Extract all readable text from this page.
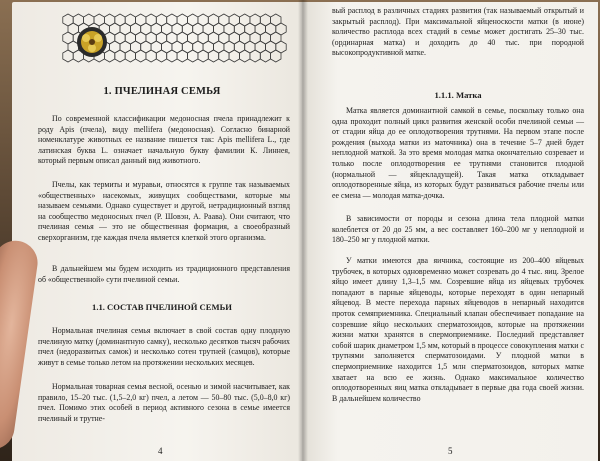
1. ПЧЕЛИНАЯ СЕМЬЯ

По современной классификации медоносная пчела принадлежит к роду Apis (пчела), виду mellifera (медоносная). Согласно бинарной номенклатуре животных ее название пишется так: Apis mellifera L., где латинская буква L. означает начальную букву фамилии К. Линнея, который первым описал данный вид животного.

Пчелы, как термиты и муравьи, относятся к группе так называемых «общественных» насекомых, живущих сообществами, которые мы называем семьями. Однако существует и другой, нетрадиционный взгляд на сообщество медоносных пчел (Р. Шовэн, А. Раава). Они считают, что пчелиная семья — это не общественная формация, а своеобразный сверхорганизм, где каждая пчела является клеткой этого организма.

В дальнейшем мы будем исходить из традиционного представления об «общественной» сути пчелиной семьи.

1.1. СОСТАВ ПЧЕЛИНОЙ СЕМЬИ

Нормальная пчелиная семья включает в свой состав одну плодную пчелиную матку (доминантную самку), несколько десятков тысяч рабочих пчел (недоразвитых самок) и несколько сотен трутней (самцов), которые живут в семье только летом на протяжении нескольких месяцев.

Нормальная товарная семья весной, осенью и зимой насчитывает, как правило, 15–20 тыс. (1,5–2,0 кг) пчел, а летом — 50–80 тыс. (5,0–8,0 кг) пчел. Помимо этих особей в период активного сезона в семье имеется пчелиный и трутне-

4

вый расплод в различных стадиях развития (так называемый открытый и закрытый расплод). При максимальной яйценоскости матки (в июне) количество расплода всех стадий в семье может достигать 25–30 тыс. (ординарная матка) и доходить до 40 тыс. при породной высокопродуктивной матке.

1.1.1. Матка

Матка является доминантной самкой в семье, поскольку только она одна проходит полный цикл развития женской особи пчелиной семьи — от стадии яйца до ее оплодотворения трутнями. На первом этапе после рождения (выхода матки из маточника) она в течение 5–7 дней будет неплодной маткой. За это время молодая матка окончательно созревает и только после оплодотворения ее трутнями становится плодной (нормальной — яйцекладущей). Такая матка откладывает оплодотворенные яйца, из которых будут развиваться рабочие пчелы или ее смена — молодая матка-дочка.

В зависимости от породы и сезона длина тела плодной матки колеблется от 20 до 25 мм, а вес составляет 160–200 мг у неплодной и 180–250 мг у плодной матки.

У матки имеются два яичника, состоящие из 200–400 яйцевых трубочек, в которых одновременно может созревать до 4 тыс. яиц. Зрелое яйцо имеет длину 1,3–1,5 мм. Созревшие яйца из яйцевых трубочек попадают в парные яйцеводы, которые переходят в один непарный яйцевод. В месте перехода парных яйцеводов в непарный находится проток семяприемника. Специальный клапан обеспечивает попадание на созревшие яйцо нескольких сперматозоидов, которые на протяжении жизни матки хранятся в спермоприемнике. Последний представляет собой шарик диаметром 1,5 мм, который в процессе совокупления матки с трутнями заполняется сперматозоидами. У плодной матки в спермоприемнике находится 1,5 млн сперматозоидов, которых матке хватает на всю ее жизнь. Однако максимальное количество оплодотворенных яиц матка откладывает в первые два года своей жизни. В дальнейшем количество

5
